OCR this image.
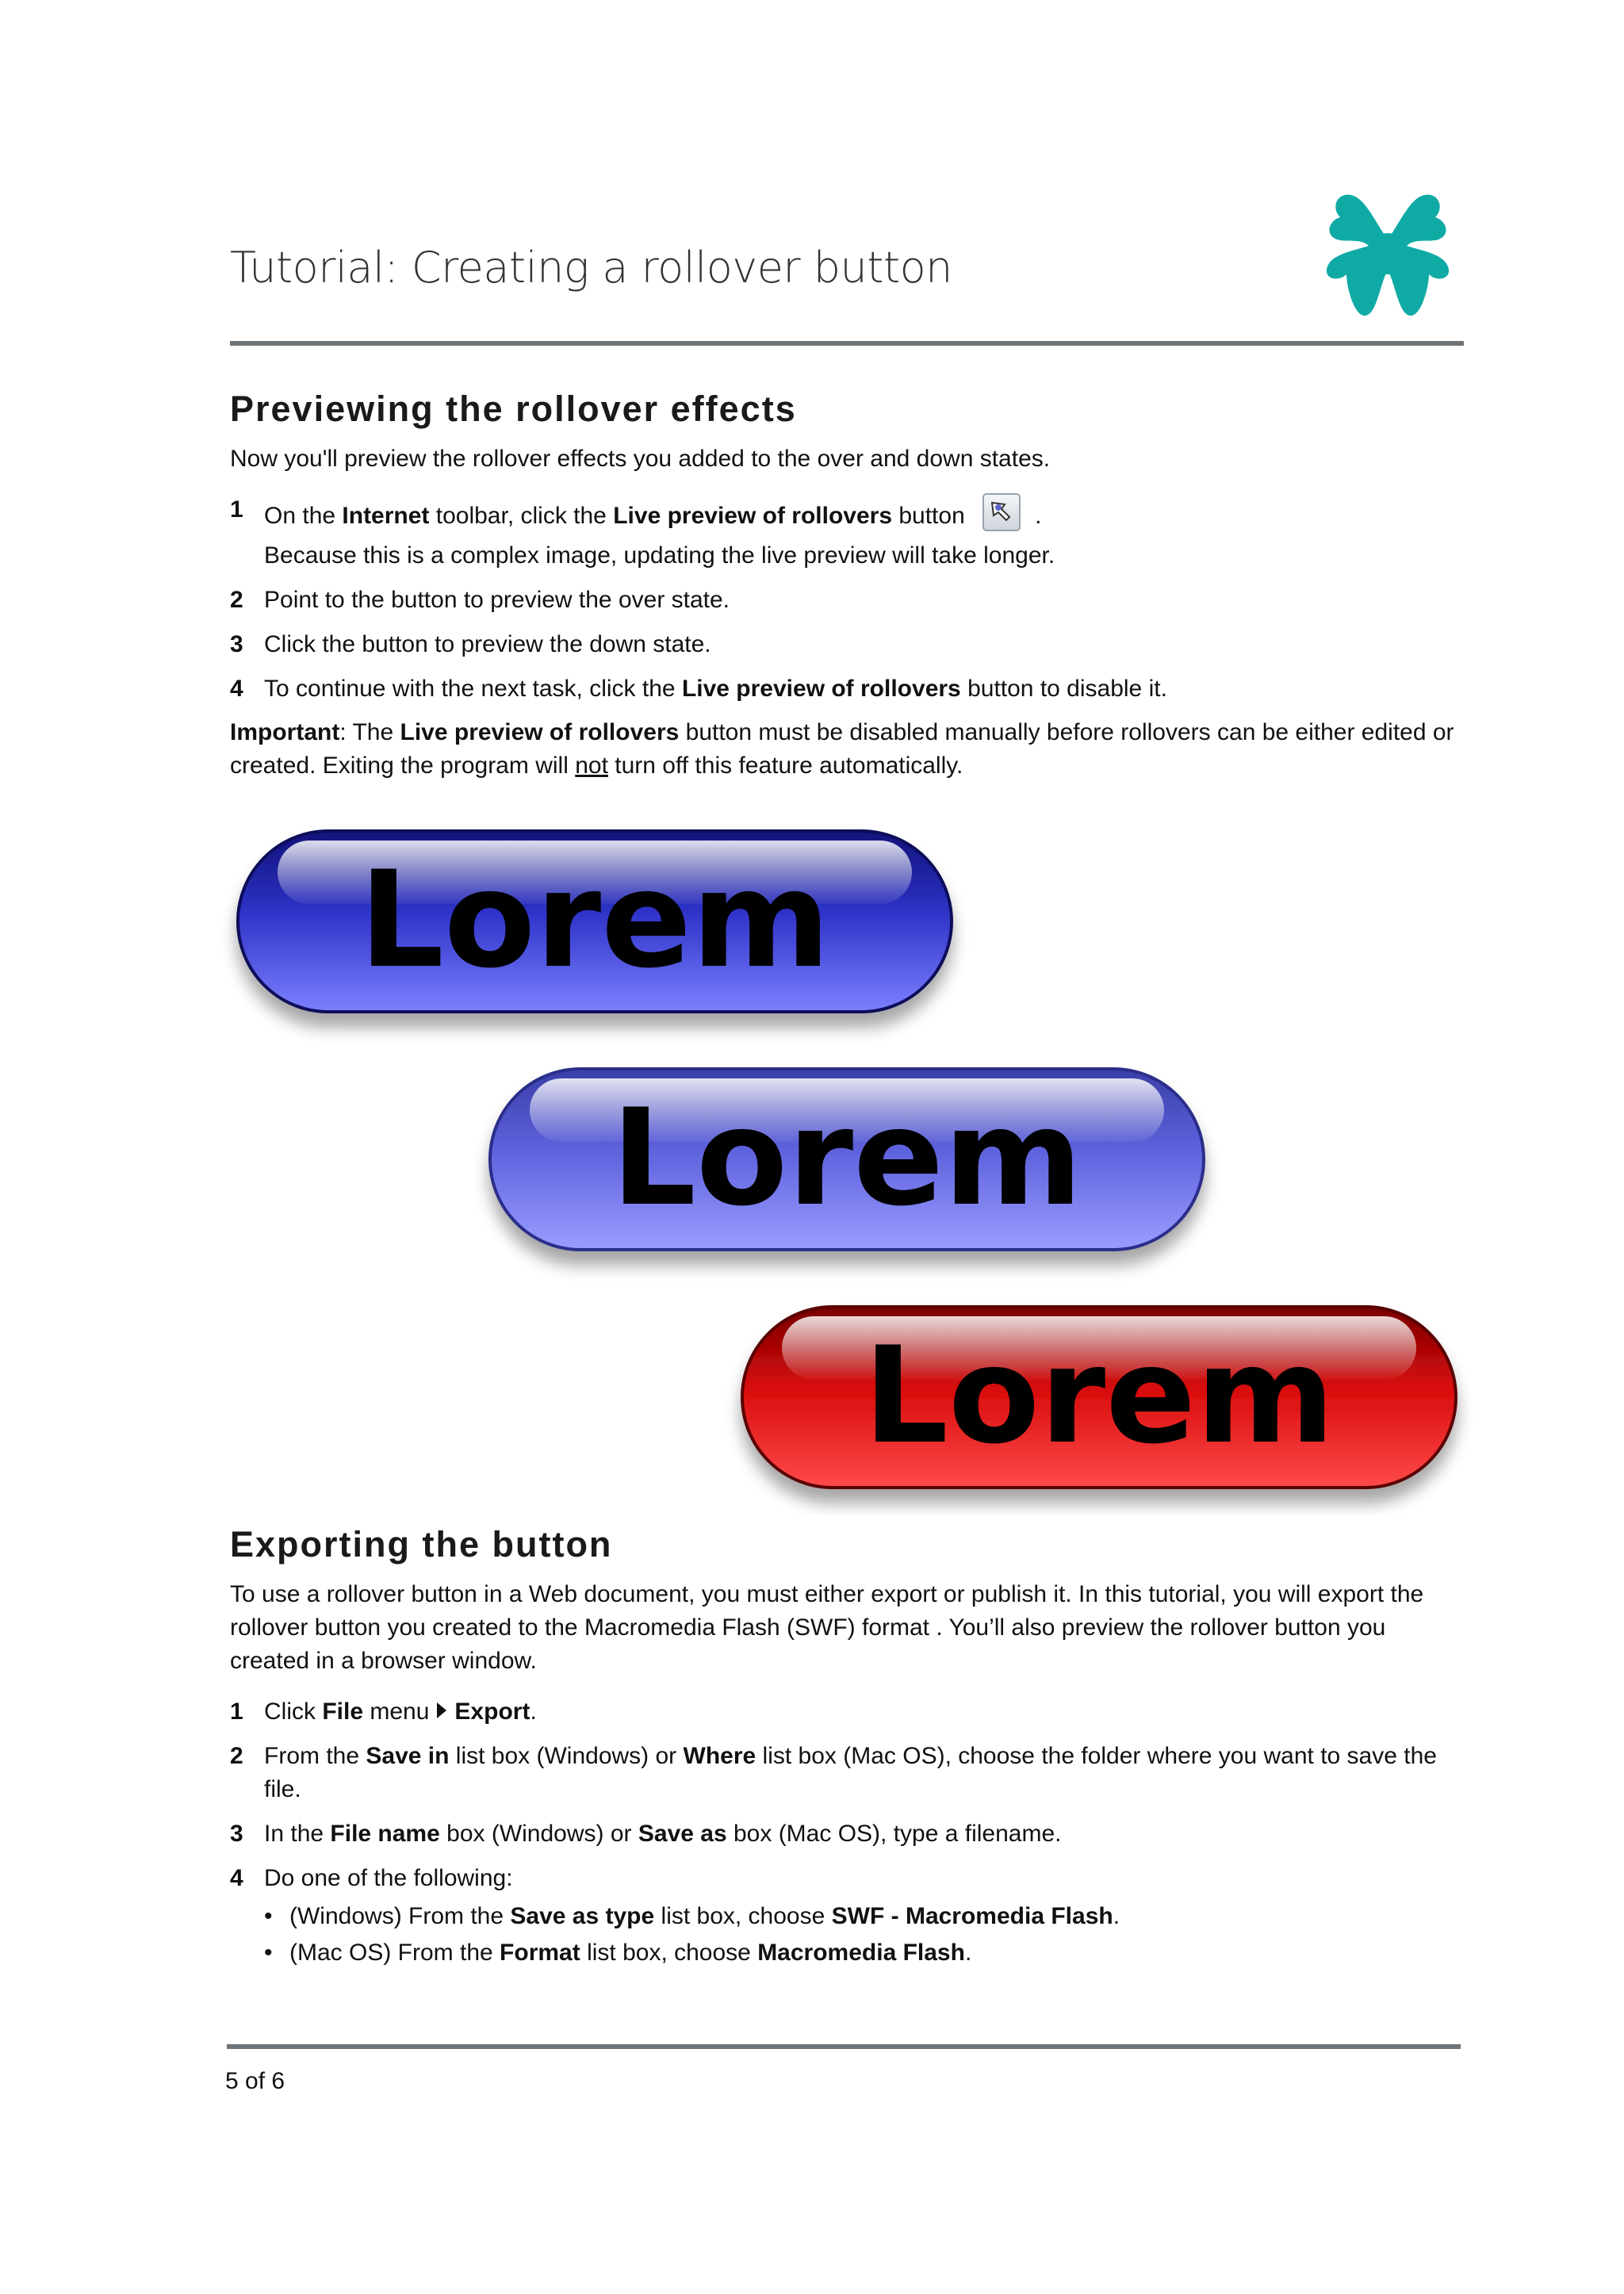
Tutorial: Creating a rollover button
Previewing the rollover effects

Now you'll preview the rollover effects you added to the over and down states.

1 On the Internet toolbar, click the Live preview of rollovers button	.
Because this is a complex image, updating the live preview will take longer.
2 Point to the button to preview the over state.
3 Click the button to preview the down state.
4 To continue with the next task, click the Live preview of rollovers button to disable it.

Important: The Live preview of rollovers button must be disabled manually before rollovers can be either edited or created. Exiting the program will not turn off this feature automatically.

Lorem
Lorem
Lorem
Exporting the button

To use a rollover button in a Web document, you must either export or publish it. In this tutorial, you will export the rollover button you created to the Macromedia Flash (SWF) format . You’ll also preview the rollover button you created in a browser window.

1 Click File menu Export.
2 From the Save in list box (Windows) or Where list box (Mac OS), choose the folder where you want to save the file.
3 In the File name box (Windows) or Save as box (Mac OS), type a filename.
4 Do one of the following:
• (Windows) From the Save as type list box, choose SWF - Macromedia Flash.
• (Mac OS) From the Format list box, choose Macromedia Flash.

5 of 6
